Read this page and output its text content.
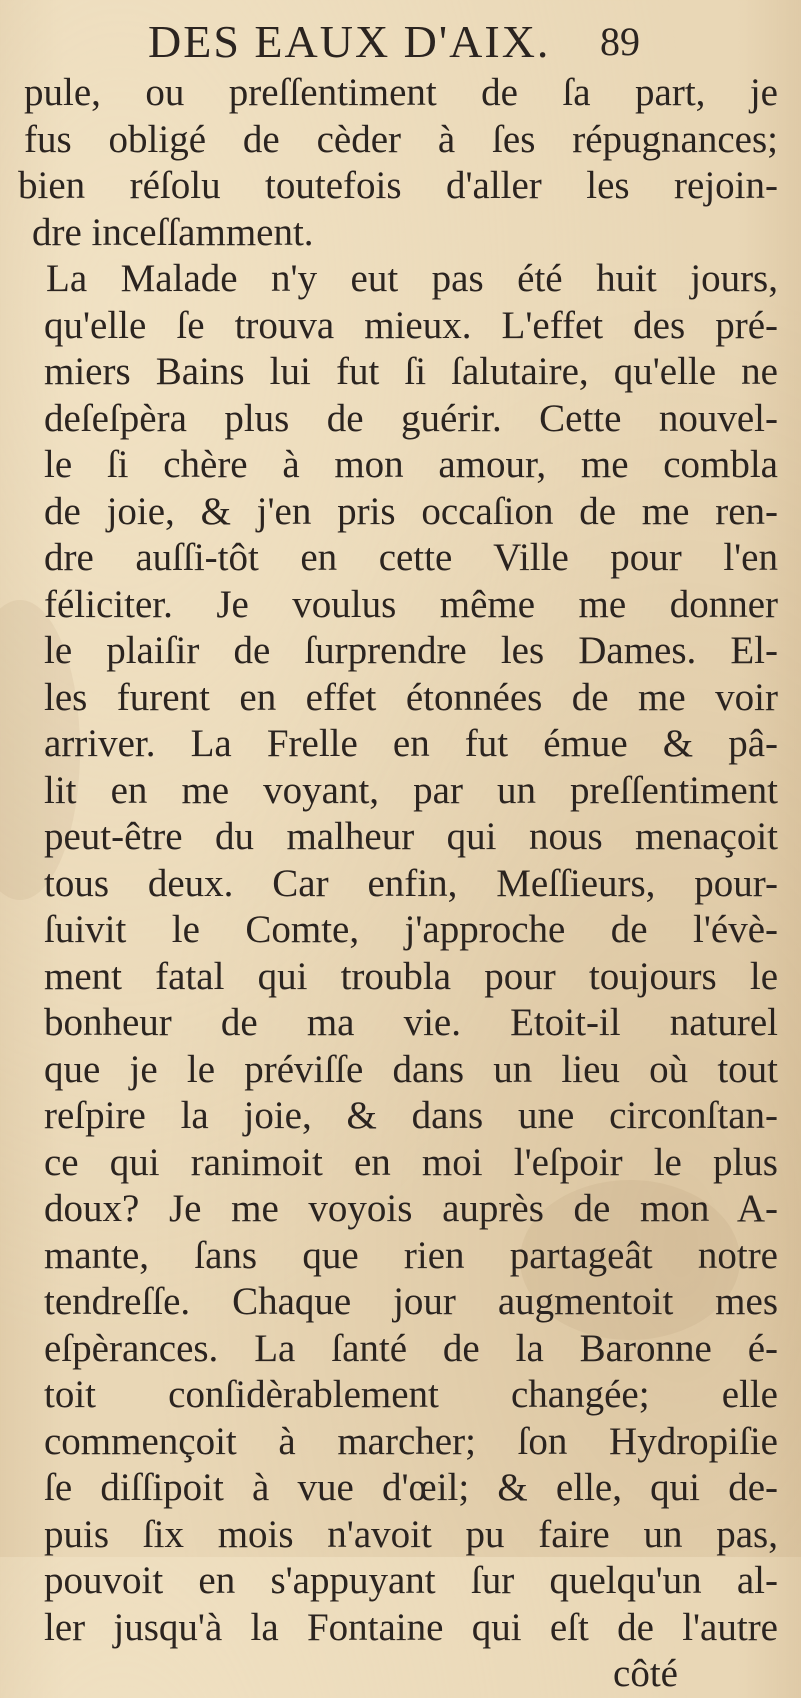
DES EAUX D'AIX. 89
pule, ou preſſentiment de ſa part, je
fus obligé de cèder à ſes répugnances;
bien réſolu toutefois d'aller les rejoin-
dre inceſſamment.
La Malade n'y eut pas été huit jours,
qu'elle ſe trouva mieux. L'effet des pré-
miers Bains lui fut ſi ſalutaire, qu'elle ne
deſeſpèra plus de guérir. Cette nouvel-
le ſi chère à mon amour, me combla
de joie, & j'en pris occaſion de me ren-
dre auſſi-tôt en cette Ville pour l'en
féliciter. Je voulus même me donner
le plaiſir de ſurprendre les Dames. El-
les furent en effet étonnées de me voir
arriver. La Frelle en fut émue & pâ-
lit en me voyant, par un preſſentiment
peut-être du malheur qui nous menaçoit
tous deux. Car enfin, Meſſieurs, pour-
ſuivit le Comte, j'approche de l'évè-
ment fatal qui troubla pour toujours le
bonheur de ma vie. Etoit-il naturel
que je le préviſſe dans un lieu où tout
reſpire la joie, & dans une circonſtan-
ce qui ranimoit en moi l'eſpoir le plus
doux? Je me voyois auprès de mon A-
mante, ſans que rien partageât notre
tendreſſe. Chaque jour augmentoit mes
eſpèrances. La ſanté de la Baronne é-
toit conſidèrablement changée; elle
commençoit à marcher; ſon Hydropiſie
ſe diſſipoit à vue d'œil; & elle, qui de-
puis ſix mois n'avoit pu faire un pas,
pouvoit en s'appuyant ſur quelqu'un al-
ler jusqu'à la Fontaine qui eſt de l'autre
côté
